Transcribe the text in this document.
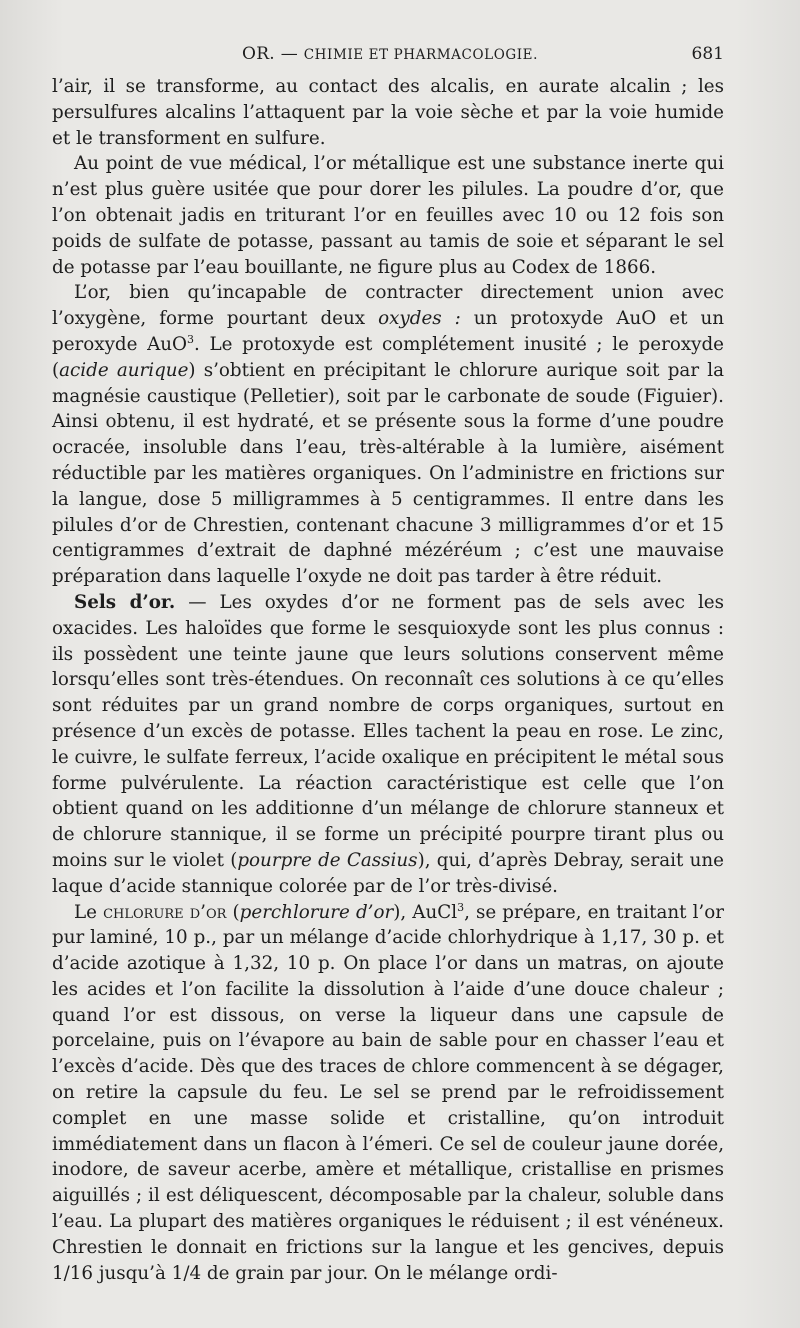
OR. — CHIMIE ET PHARMACOLOGIE.	681

l’air, il se transforme, au contact des alcalis, en aurate alcalin ; les persulfures alcalins l’attaquent par la voie sèche et par la voie humide et le transforment en sulfure.

Au point de vue médical, l’or métallique est une substance inerte qui n’est plus guère usitée que pour dorer les pilules. La poudre d’or, que l’on obtenait jadis en triturant l’or en feuilles avec 10 ou 12 fois son poids de sulfate de potasse, passant au tamis de soie et séparant le sel de potasse par l’eau bouillante, ne figure plus au Codex de 1866.

L’or, bien qu’incapable de contracter directement union avec l’oxygène, forme pourtant deux oxydes : un protoxyde AuO et un peroxyde AuO$^3$. Le protoxyde est complétement inusité ; le peroxyde (acide aurique) s’obtient en précipitant le chlorure aurique soit par la magnésie caustique (Pelletier), soit par le carbonate de soude (Figuier). Ainsi obtenu, il est hydraté, et se présente sous la forme d’une poudre ocracée, insoluble dans l’eau, très-altérable à la lumière, aisément réductible par les matières organiques. On l’administre en frictions sur la langue, dose 5 milligrammes à 5 centigrammes. Il entre dans les pilules d’or de Chrestien, contenant chacune 3 milligrammes d’or et 15 centigrammes d’extrait de daphné mézéréum ; c’est une mauvaise préparation dans laquelle l’oxyde ne doit pas tarder à être réduit.

Sels d’or. — Les oxydes d’or ne forment pas de sels avec les oxacides. Les haloïdes que forme le sesquioxyde sont les plus connus : ils possèdent une teinte jaune que leurs solutions conservent même lorsqu’elles sont très-étendues. On reconnaît ces solutions à ce qu’elles sont réduites par un grand nombre de corps organiques, surtout en présence d’un excès de potasse. Elles tachent la peau en rose. Le zinc, le cuivre, le sulfate ferreux, l’acide oxalique en précipitent le métal sous forme pulvérulente. La réaction caractéristique est celle que l’on obtient quand on les additionne d’un mélange de chlorure stanneux et de chlorure stannique, il se forme un précipité pourpre tirant plus ou moins sur le violet (pourpre de Cassius), qui, d’après Debray, serait une laque d’acide stannique colorée par de l’or très-divisé.

Le chlorure d’or (perchlorure d’or), AuCl$^3$, se prépare, en traitant l’or pur laminé, 10 p., par un mélange d’acide chlorhydrique à 1,17, 30 p. et d’acide azotique à 1,32, 10 p. On place l’or dans un matras, on ajoute les acides et l’on facilite la dissolution à l’aide d’une douce chaleur ; quand l’or est dissous, on verse la liqueur dans une capsule de porcelaine, puis on l’évapore au bain de sable pour en chasser l’eau et l’excès d’acide. Dès que des traces de chlore commencent à se dégager, on retire la capsule du feu. Le sel se prend par le refroidissement complet en une masse solide et cristalline, qu’on introduit immédiatement dans un flacon à l’émeri. Ce sel de couleur jaune dorée, inodore, de saveur acerbe, amère et métallique, cristallise en prismes aiguillés ; il est déliquescent, décomposable par la chaleur, soluble dans l’eau. La plupart des matières organiques le réduisent ; il est vénéneux. Chrestien le donnait en frictions sur la langue et les gencives, depuis 1/16 jusqu’à 1/4 de grain par jour. On le mélange ordi-
